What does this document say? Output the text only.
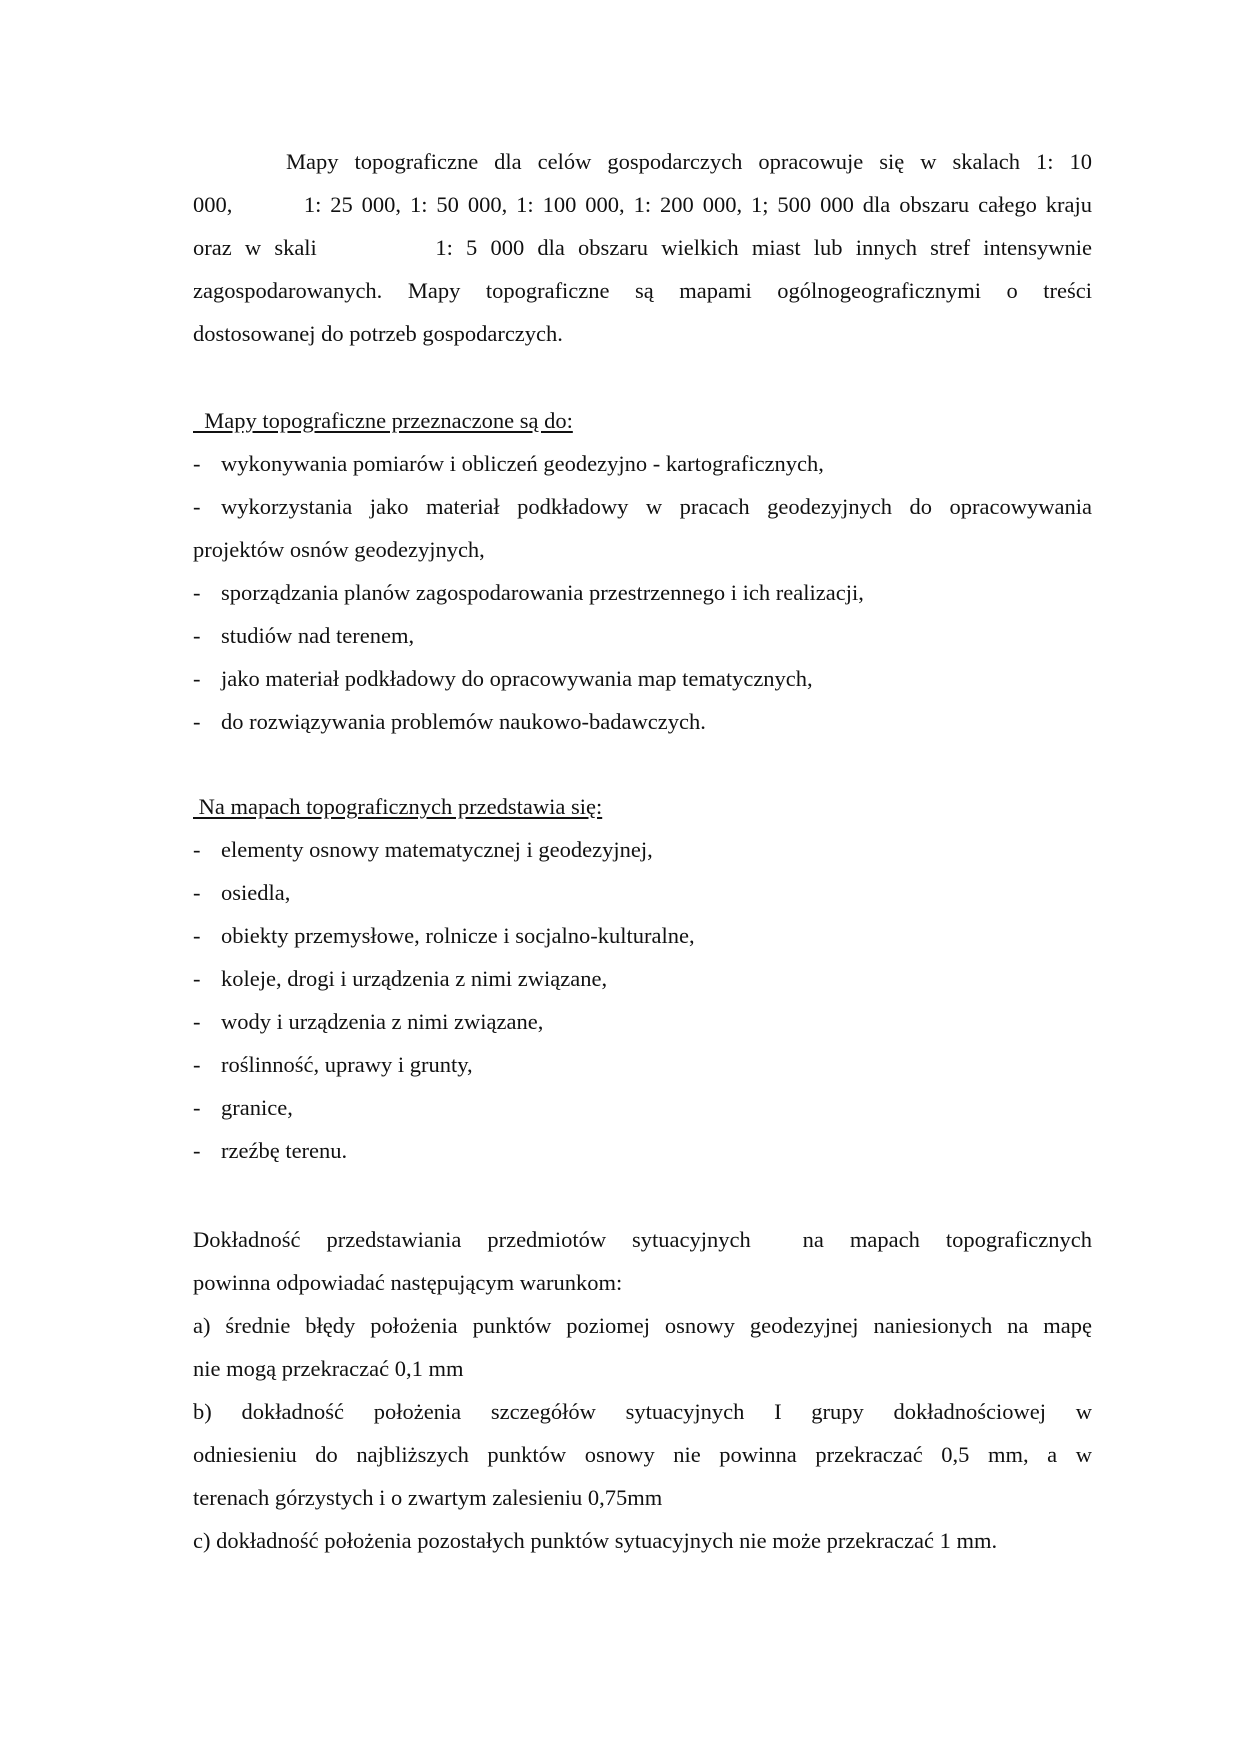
Mapy topograficzne dla celów gospodarczych opracowuje się w skalach 1: 10
000,        1: 25 000, 1: 50 000, 1: 100 000, 1: 200 000, 1; 500 000 dla obszaru całego kraju
oraz w skali         1: 5 000 dla obszaru wielkich miast lub innych stref intensywnie
zagospodarowanych. Mapy topograficzne są mapami ogólnogeograficznymi o treści
dostosowanej do potrzeb gospodarczych.
Mapy topograficzne przeznaczone są do:
- wykonywania pomiarów i obliczeń geodezyjno - kartograficznych,
- wykorzystania jako materiał podkładowy w pracach geodezyjnych do opracowywania
projektów osnów geodezyjnych,
- sporządzania planów zagospodarowania przestrzennego i ich realizacji,
- studiów nad terenem,
- jako materiał podkładowy do opracowywania map tematycznych,
- do rozwiązywania problemów naukowo-badawczych.
Na mapach topograficznych przedstawia się:
- elementy osnowy matematycznej i geodezyjnej,
- osiedla,
- obiekty przemysłowe, rolnicze i socjalno-kulturalne,
- koleje, drogi i urządzenia z nimi związane,
- wody i urządzenia z nimi związane,
- roślinność, uprawy i grunty,
- granice,
- rzeźbę terenu.
Dokładność przedstawiania przedmiotów sytuacyjnych  na mapach topograficznych
powinna odpowiadać następującym warunkom:
a) średnie błędy położenia punktów poziomej osnowy geodezyjnej naniesionych na mapę
nie mogą przekraczać 0,1 mm
b) dokładność położenia szczegółów sytuacyjnych I grupy dokładnościowej w
odniesieniu do najbliższych punktów osnowy nie powinna przekraczać 0,5 mm, a w
terenach górzystych i o zwartym zalesieniu 0,75mm
c) dokładność położenia pozostałych punktów sytuacyjnych nie może przekraczać 1 mm.
